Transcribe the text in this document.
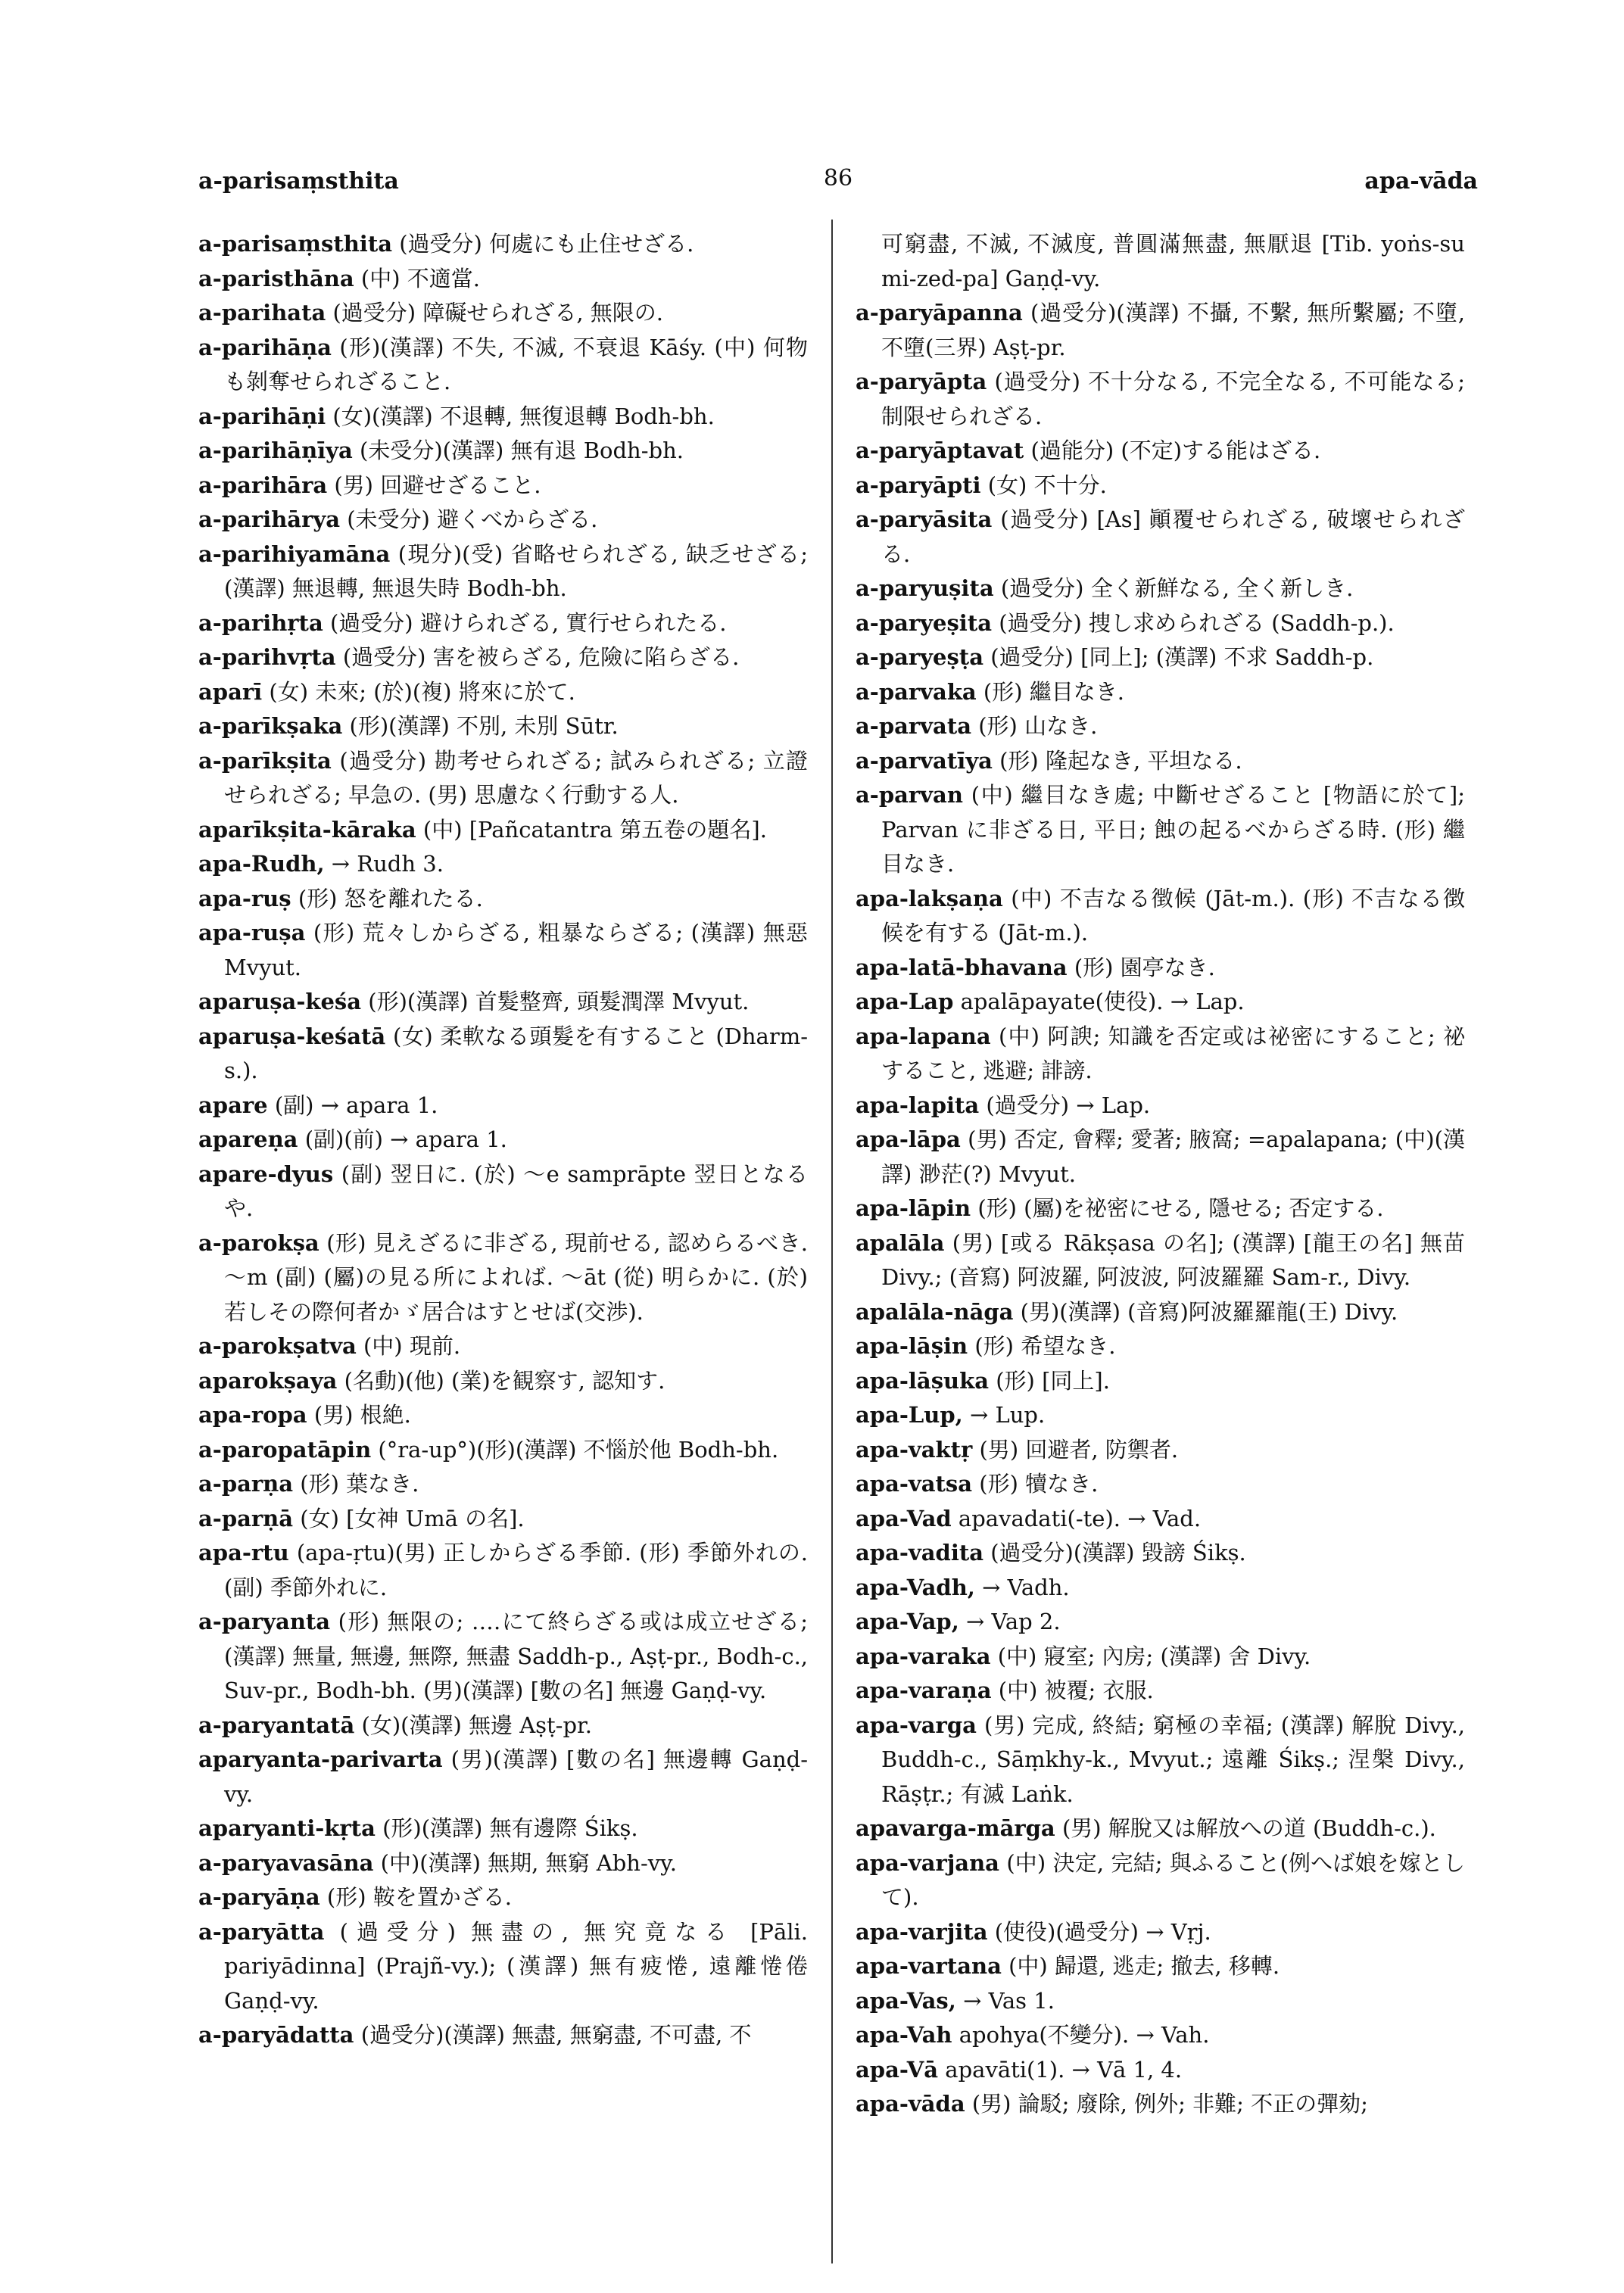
a-parisaṃsthita	86	apa-vāda

a-parisaṃsthita (過受分) 何處にも止住せざる.

a-paristhāna (中) 不適當.

a-parihata (過受分) 障礙せられざる, 無限の.

a-parihāṇa (形)(漢譯) 不失, 不滅, 不衰退 Kāśy. (中) 何物も剝奪せられざること.

a-parihāṇi (女)(漢譯) 不退轉, 無復退轉 Bodh-bh.

a-parihāṇīya (未受分)(漢譯) 無有退 Bodh-bh.

a-parihāra (男) 回避せざること.

a-parihārya (未受分) 避くべからざる.

a-parihiyamāna (現分)(受) 省略せられざる, 缺乏せざる; (漢譯) 無退轉, 無退失時 Bodh-bh.

a-parihṛta (過受分) 避けられざる, 實行せられたる.

a-parihvṛta (過受分) 害を被らざる, 危險に陷らざる.

aparī (女) 未來; (於)(複) 將來に於て.

a-parīkṣaka (形)(漢譯) 不別, 未別 Sūtr.

a-parīkṣita (過受分) 勘考せられざる; 試みられざる; 立證せられざる; 早急の. (男) 思慮なく行動する人.

aparīkṣita-kāraka (中) [Pañcatantra 第五卷の題名].

apa-Rudh, → Rudh 3.

apa-ruṣ (形) 怒を離れたる.

apa-ruṣa (形) 荒々しからざる, 粗暴ならざる; (漢譯) 無惡 Mvyut.

aparuṣa-keśa (形)(漢譯) 首髮整齊, 頭髮潤澤 Mvyut.

aparuṣa-keśatā (女) 柔軟なる頭髮を有すること (Dharm-s.).

apare (副) → apara 1.

apareṇa (副)(前) → apara 1.

apare-dyus (副) 翌日に. (於) ～e samprāpte 翌日となるや.

a-parokṣa (形) 見えざるに非ざる, 現前せる, 認めらるべき. ～m (副) (屬)の見る所によれば. ～āt (從) 明らかに. (於) 若しその際何者かゞ居合はすとせば(交渉).

a-parokṣatva (中) 現前.

aparokṣaya (名動)(他) (業)を観察す, 認知す.

apa-ropa (男) 根絶.

a-paropatāpin (°ra-up°)(形)(漢譯) 不惱於他 Bodh-bh.

a-parṇa (形) 葉なき.

a-parṇā (女) [女神 Umā の名].

apa-rtu (apa-ṛtu)(男) 正しからざる季節. (形) 季節外れの. (副) 季節外れに.

a-paryanta (形) 無限の; ‥‥にて終らざる或は成立せざる; (漢譯) 無量, 無邊, 無際, 無盡 Saddh-p., Aṣṭ-pr., Bodh-c., Suv-pr., Bodh-bh. (男)(漢譯) [數の名] 無邊 Gaṇḍ-vy.

a-paryantatā (女)(漢譯) 無邊 Aṣṭ-pr.

aparyanta-parivarta (男)(漢譯) [數の名] 無邊轉 Gaṇḍ-vy.

aparyanti-kṛta (形)(漢譯) 無有邊際 Śikṣ.

a-paryavasāna (中)(漢譯) 無期, 無窮 Abh-vy.

a-paryāṇa (形) 鞍を置かざる.

a-paryātta (過受分) 無盡の, 無究竟なる [Pāli. pariyādinna] (Prajñ-vy.); (漢譯) 無有疲惓, 遠離惓倦 Gaṇḍ-vy.

a-paryādatta (過受分)(漢譯) 無盡, 無窮盡, 不可盡, 不

可窮盡, 不滅, 不滅度, 普圓滿無盡, 無厭退 [Tib. yoṅs-su mi-zed-pa] Gaṇḍ-vy.

a-paryāpanna (過受分)(漢譯) 不攝, 不繫, 無所繫屬; 不墮, 不墮(三界) Aṣṭ-pr.

a-paryāpta (過受分) 不十分なる, 不完全なる, 不可能なる; 制限せられざる.

a-paryāptavat (過能分) (不定)する能はざる.

a-paryāpti (女) 不十分.

a-paryāsita (過受分) [As] 顚覆せられざる, 破壞せられざる.

a-paryuṣita (過受分) 全く新鮮なる, 全く新しき.

a-paryeṣita (過受分) 捜し求められざる (Saddh-p.).

a-paryeṣṭa (過受分) [同上]; (漢譯) 不求 Saddh-p.

a-parvaka (形) 繼目なき.

a-parvata (形) 山なき.

a-parvatīya (形) 隆起なき, 平坦なる.

a-parvan (中) 繼目なき處; 中斷せざること [物語に於て]; Parvan に非ざる日, 平日; 蝕の起るべからざる時. (形) 繼目なき.

apa-lakṣaṇa (中) 不吉なる徴候 (Jāt-m.). (形) 不吉なる徴候を有する (Jāt-m.).

apa-latā-bhavana (形) 園亭なき.

apa-Lap apalāpayate(使役). → Lap.

apa-lapana (中) 阿諛; 知識を否定或は祕密にすること; 祕すること, 逃避; 誹謗.

apa-lapita (過受分) → Lap.

apa-lāpa (男) 否定, 會釋; 愛著; 腋窩; =apalapana; (中)(漢譯) 渺茫(?) Mvyut.

apa-lāpin (形) (屬)を祕密にせる, 隱せる; 否定する.

apalāla (男) [或る Rākṣasa の名]; (漢譯) [龍王の名] 無苗 Divy.; (音寫) 阿波羅, 阿波波, 阿波羅羅 Sam-r., Divy.

apalāla-nāga (男)(漢譯) (音寫)阿波羅羅龍(王) Divy.

apa-lāṣin (形) 希望なき.

apa-lāṣuka (形) [同上].

apa-Lup, → Lup.

apa-vaktṛ (男) 回避者, 防禦者.

apa-vatsa (形) 犢なき.

apa-Vad apavadati(-te). → Vad.

apa-vadita (過受分)(漢譯) 毀謗 Śikṣ.

apa-Vadh, → Vadh.

apa-Vap, → Vap 2.

apa-varaka (中) 寢室; 內房; (漢譯) 舍 Divy.

apa-varaṇa (中) 被覆; 衣服.

apa-varga (男) 完成, 終結; 窮極の幸福; (漢譯) 解脫 Divy., Buddh-c., Sāṃkhy-k., Mvyut.; 遠離 Śikṣ.; 涅槃 Divy., Rāṣṭr.; 有滅 Laṅk.

apavarga-mārga (男) 解脫又は解放への道 (Buddh-c.).

apa-varjana (中) 決定, 完結; 與ふること(例へば娘を嫁として).

apa-varjita (使役)(過受分) → Vṛj.

apa-vartana (中) 歸還, 逃走; 撤去, 移轉.

apa-Vas, → Vas 1.

apa-Vah apohya(不變分). → Vah.

apa-Vā apavāti(1). → Vā 1, 4.

apa-vāda (男) 論駁; 廢除, 例外; 非難; 不正の彈劾;
